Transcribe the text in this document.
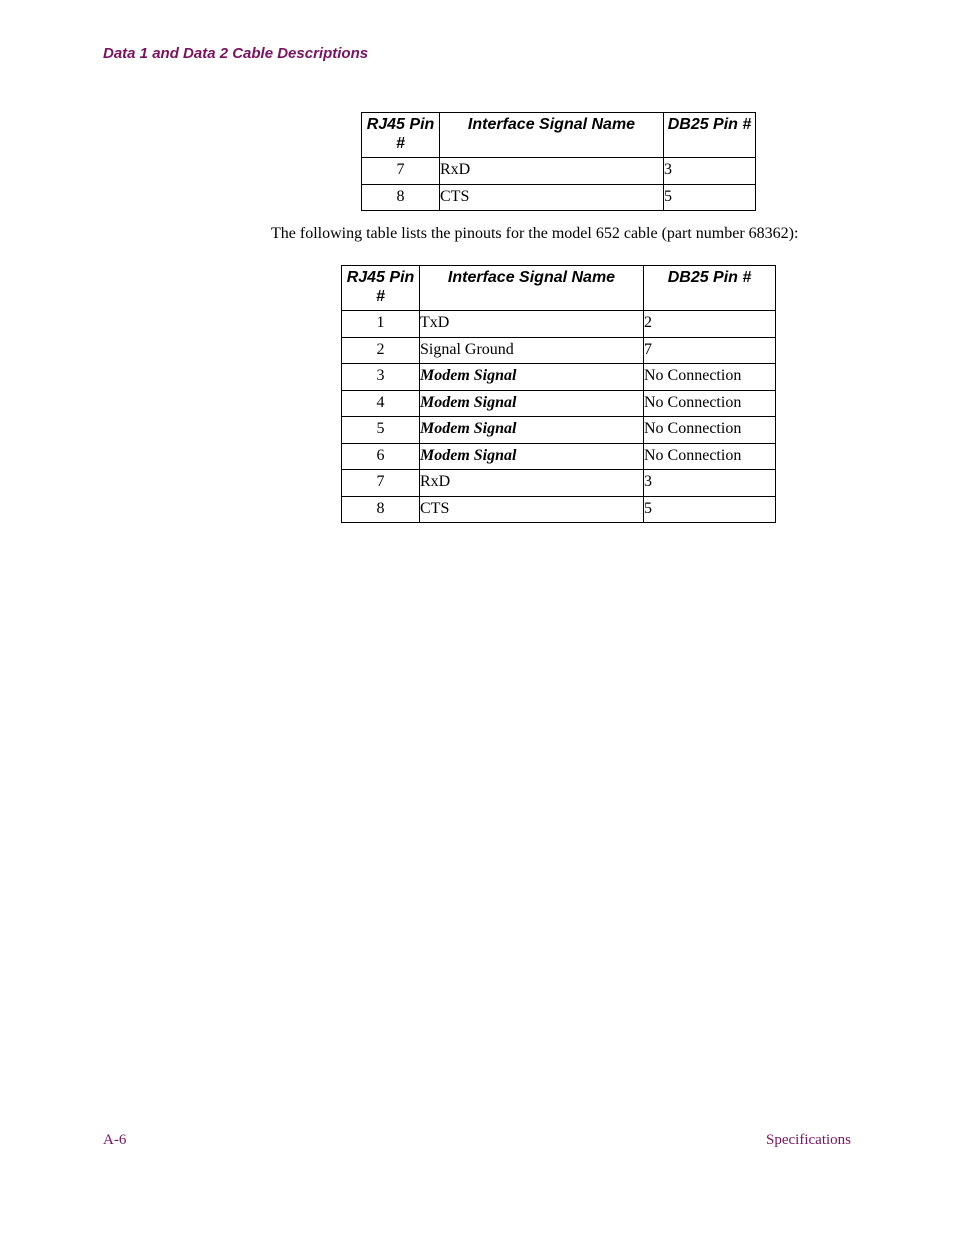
Data 1 and Data 2 Cable Descriptions
RJ45 Pin #	Interface Signal Name	DB25 Pin #
7	RxD	3
8	CTS	5
The following table lists the pinouts for the model 652 cable (part number 68362):
RJ45 Pin #	Interface Signal Name	DB25 Pin #
1	TxD	2
2	Signal Ground	7
3	Modem Signal	No Connection
4	Modem Signal	No Connection
5	Modem Signal	No Connection
6	Modem Signal	No Connection
7	RxD	3
8	CTS	5
A-6	Specifications
